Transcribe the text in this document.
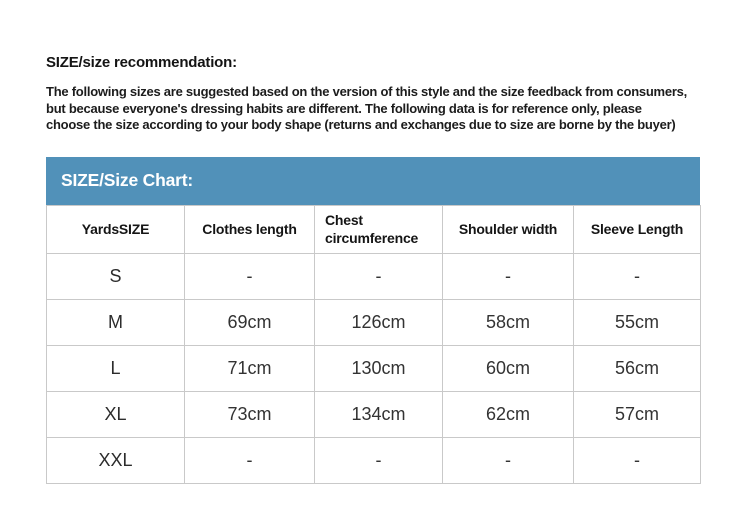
SIZE/size recommendation:
The following sizes are suggested based on the version of this style and the size feedback from consumers,
but because everyone's dressing habits are different. The following data is for reference only, please
choose the size according to your body shape (returns and exchanges due to size are borne by the buyer)
SIZE/Size Chart:
YardsSIZE	Clothes length	Chest circumference	Shoulder width	Sleeve Length
S	-	-	-	-
M	69cm	126cm	58cm	55cm
L	71cm	130cm	60cm	56cm
XL	73cm	134cm	62cm	57cm
XXL	-	-	-	-
